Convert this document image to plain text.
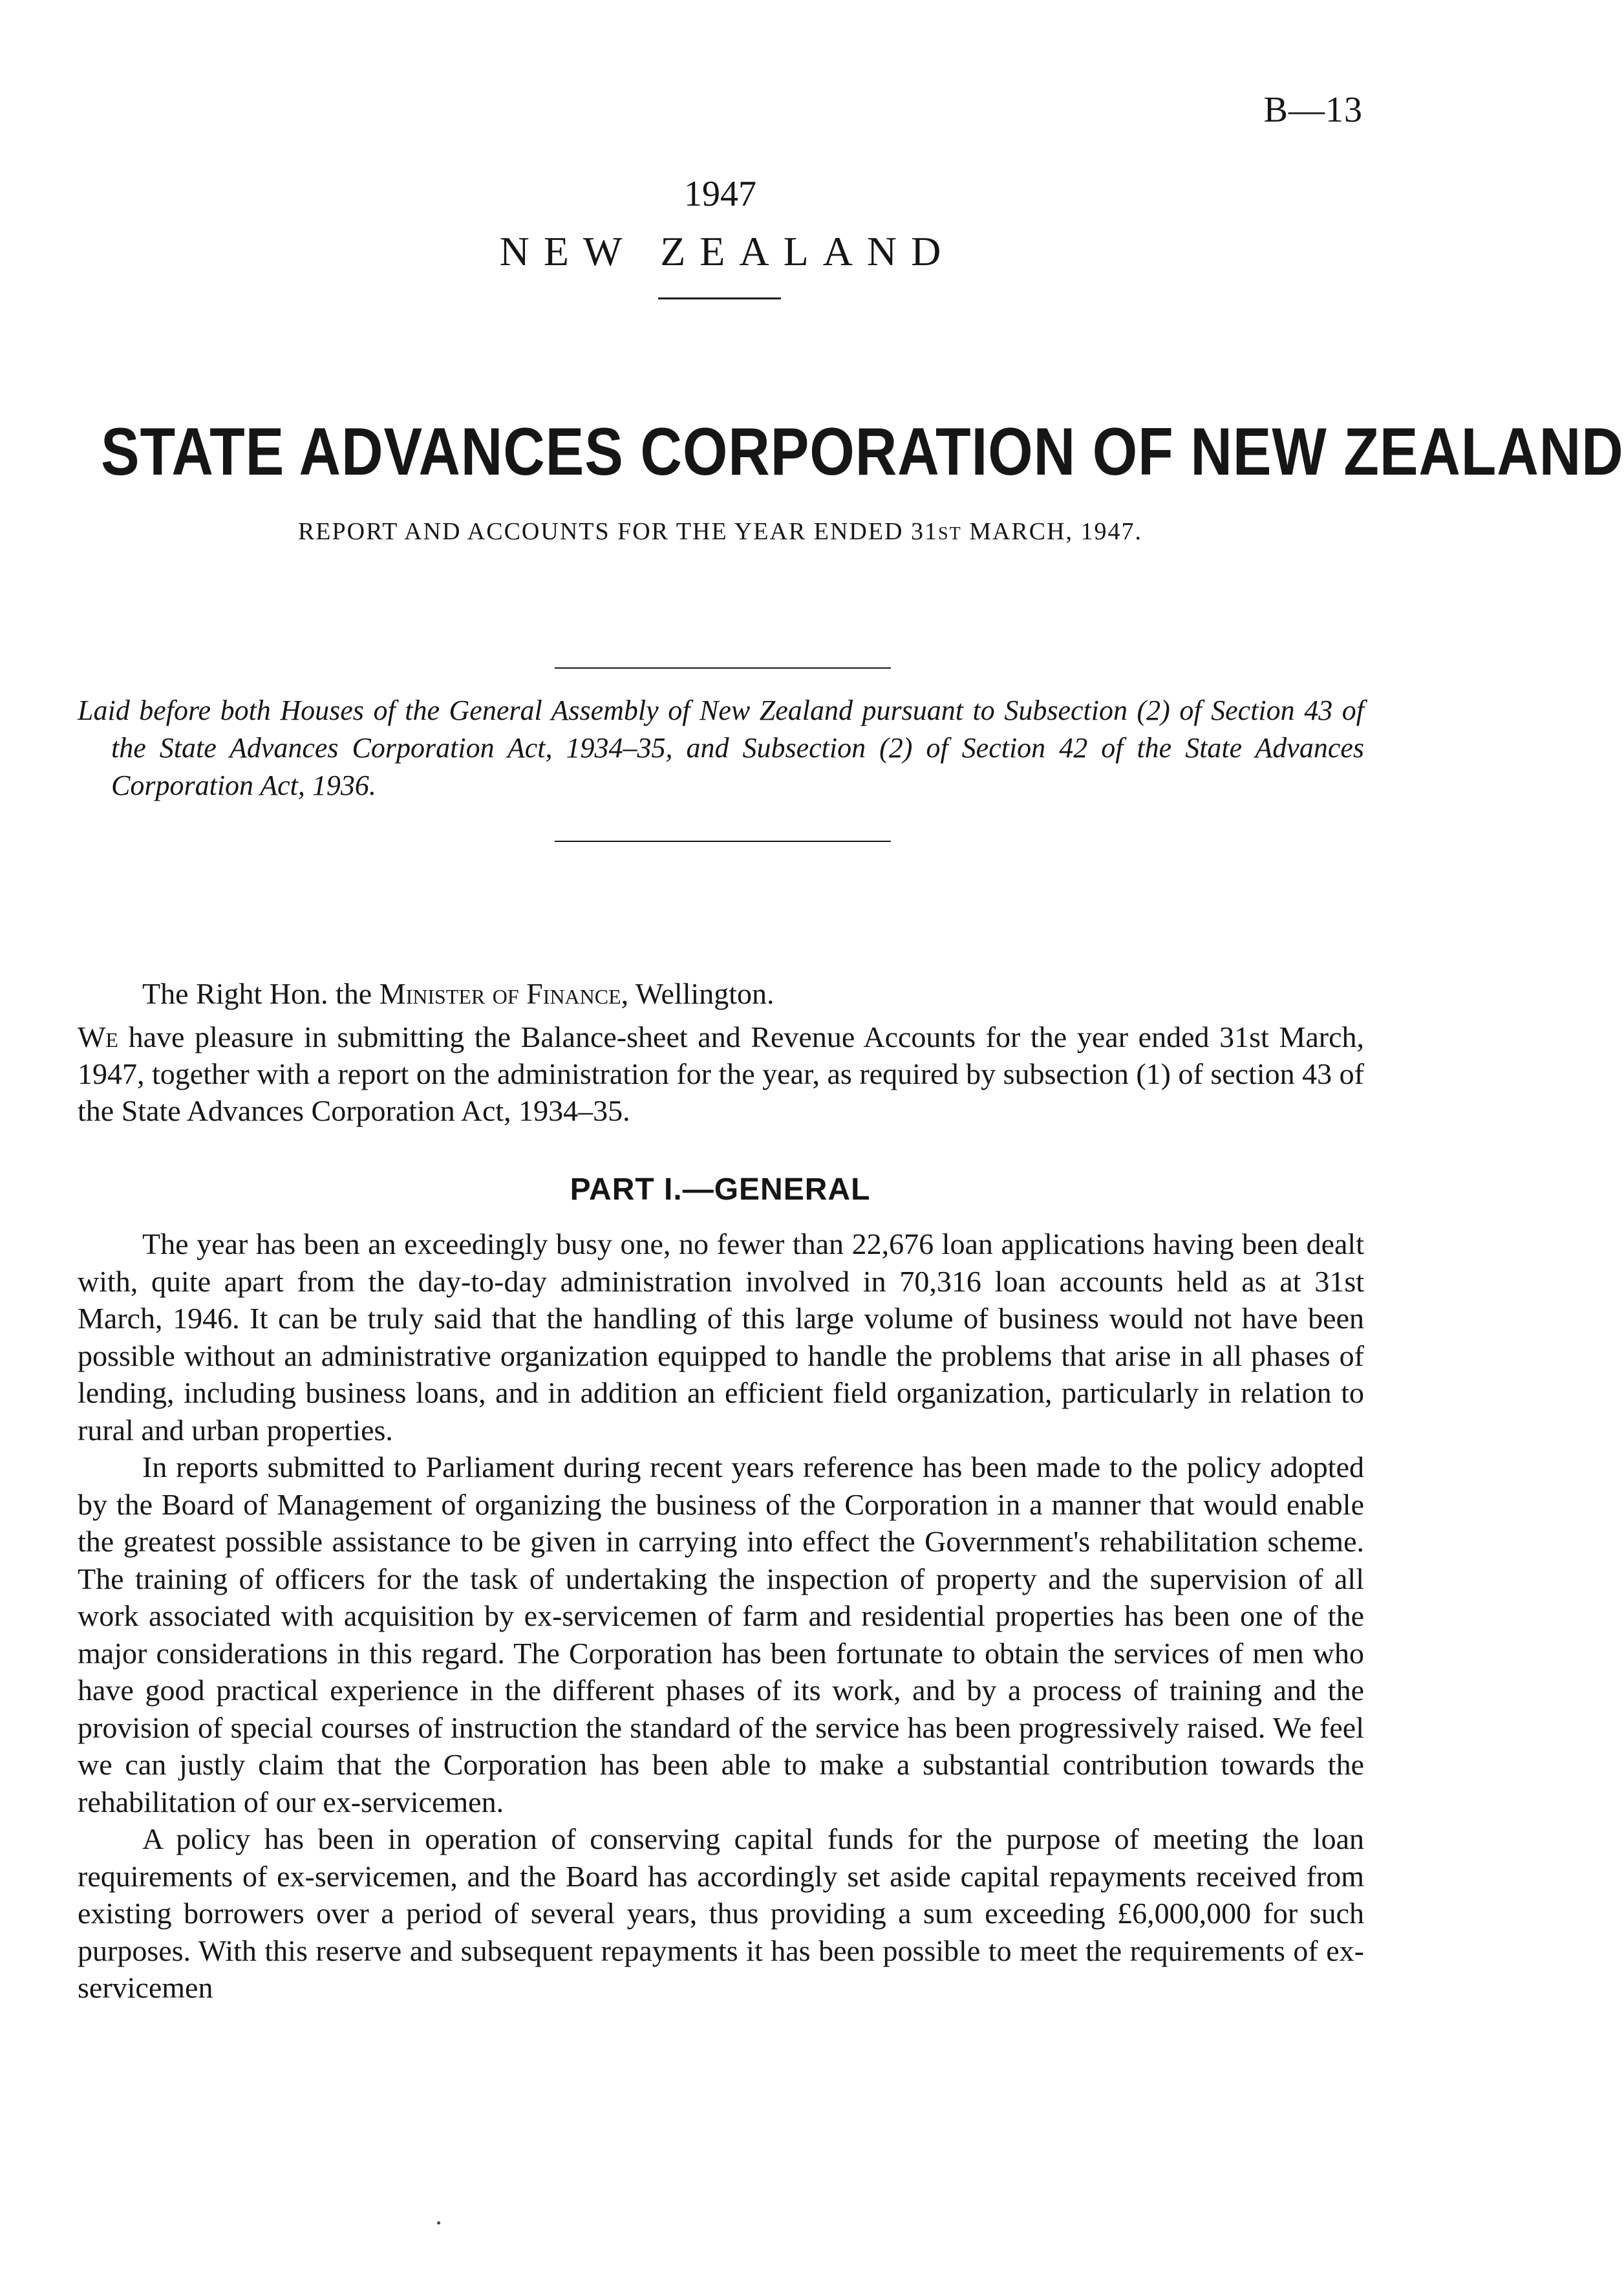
B—13
1947
NEW ZEALAND
STATE ADVANCES CORPORATION OF NEW ZEALAND
REPORT AND ACCOUNTS FOR THE YEAR ENDED 31ST MARCH, 1947.
Laid before both Houses of the General Assembly of New Zealand pursuant to Subsection (2) of Section 43 of the State Advances Corporation Act, 1934–35, and Subsection (2) of Section 42 of the State Advances Corporation Act, 1936.
The Right Hon. the Minister of Finance, Wellington.
We have pleasure in submitting the Balance-sheet and Revenue Accounts for the year ended 31st March, 1947, together with a report on the administration for the year, as required by subsection (1) of section 43 of the State Advances Corporation Act, 1934–35.
PART I.—GENERAL

The year has been an exceedingly busy one, no fewer than 22,676 loan applications having been dealt with, quite apart from the day-to-day administration involved in 70,316 loan accounts held as at 31st March, 1946. It can be truly said that the handling of this large volume of business would not have been possible without an administrative organization equipped to handle the problems that arise in all phases of lending, including business loans, and in addition an efficient field organization, particularly in relation to rural and urban properties.

In reports submitted to Parliament during recent years reference has been made to the policy adopted by the Board of Management of organizing the business of the Corporation in a manner that would enable the greatest possible assistance to be given in carrying into effect the Government's rehabilitation scheme. The training of officers for the task of undertaking the inspection of property and the supervision of all work associated with acquisition by ex-servicemen of farm and residential properties has been one of the major considerations in this regard. The Corporation has been fortunate to obtain the services of men who have good practical experience in the different phases of its work, and by a process of training and the provision of special courses of instruction the standard of the service has been progressively raised. We feel we can justly claim that the Corporation has been able to make a substantial contribution towards the rehabilitation of our ex-servicemen.

A policy has been in operation of conserving capital funds for the purpose of meeting the loan requirements of ex-servicemen, and the Board has accordingly set aside capital repayments received from existing borrowers over a period of several years, thus providing a sum exceeding £6,000,000 for such purposes. With this reserve and subsequent repayments it has been possible to meet the requirements of ex-servicemen
